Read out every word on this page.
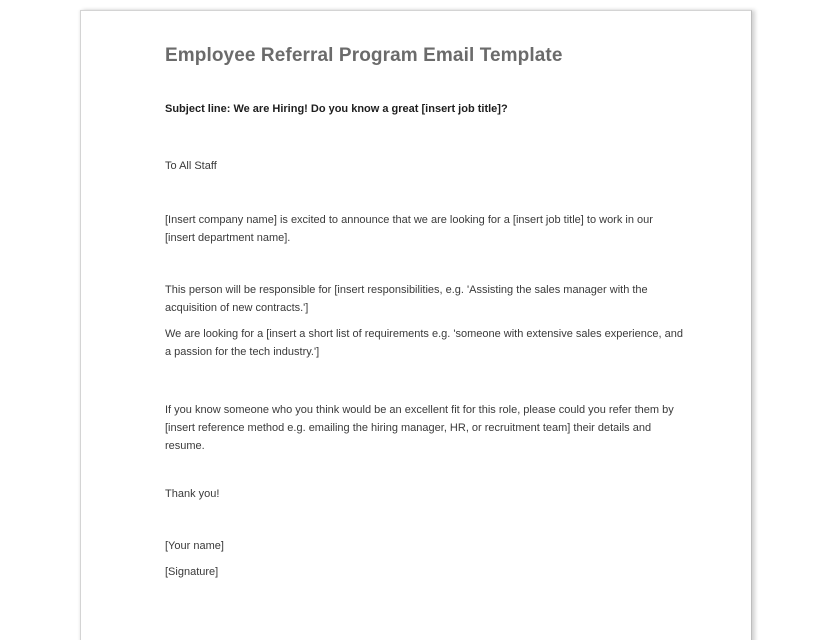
Employee Referral Program Email Template
Subject line: We are Hiring! Do you know a great [insert job title]?

To All Staff

[Insert company name] is excited to announce that we are looking for a [insert job title] to work in our [insert department name].

This person will be responsible for [insert responsibilities, e.g. 'Assisting the sales manager with the acquisition of new contracts.']

We are looking for a [insert a short list of requirements e.g. 'someone with extensive sales experience, and a passion for the tech industry.']

If you know someone who you think would be an excellent fit for this role, please could you refer them by [insert reference method e.g. emailing the hiring manager, HR, or recruitment team] their details and resume.

Thank you!

[Your name]

[Signature]
